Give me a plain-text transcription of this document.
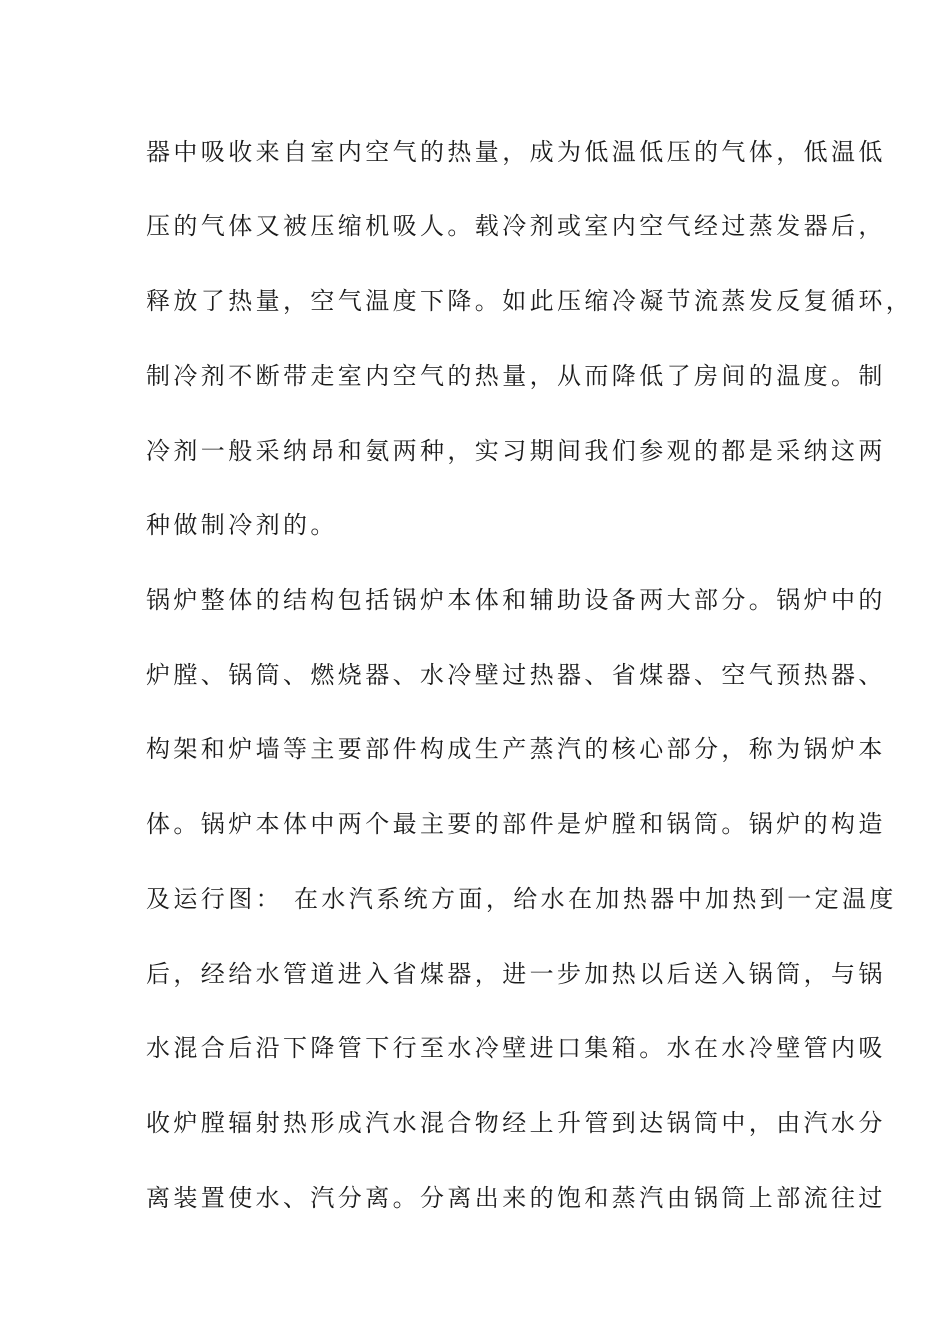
器中吸收来自室内空气的热量，成为低温低压的气体，低温低
压的气体又被压缩机吸人。载冷剂或室内空气经过蒸发器后，
释放了热量，空气温度下降。如此压缩冷凝节流蒸发反复循环，
制冷剂不断带走室内空气的热量，从而降低了房间的温度。制
冷剂一般采纳昂和氨两种，实习期间我们参观的都是采纳这两
种做制冷剂的。
锅炉整体的结构包括锅炉本体和辅助设备两大部分。锅炉中的
炉膛、锅筒、燃烧器、水冷壁过热器、省煤器、空气预热器、
构架和炉墙等主要部件构成生产蒸汽的核心部分，称为锅炉本
体。锅炉本体中两个最主要的部件是炉膛和锅筒。锅炉的构造
及运行图： 在水汽系统方面，给水在加热器中加热到一定温度
后，经给水管道进入省煤器，进一步加热以后送入锅筒，与锅
水混合后沿下降管下行至水冷壁进口集箱。水在水冷壁管内吸
收炉膛辐射热形成汽水混合物经上升管到达锅筒中，由汽水分
离装置使水、汽分离。分离出来的饱和蒸汽由锅筒上部流往过
